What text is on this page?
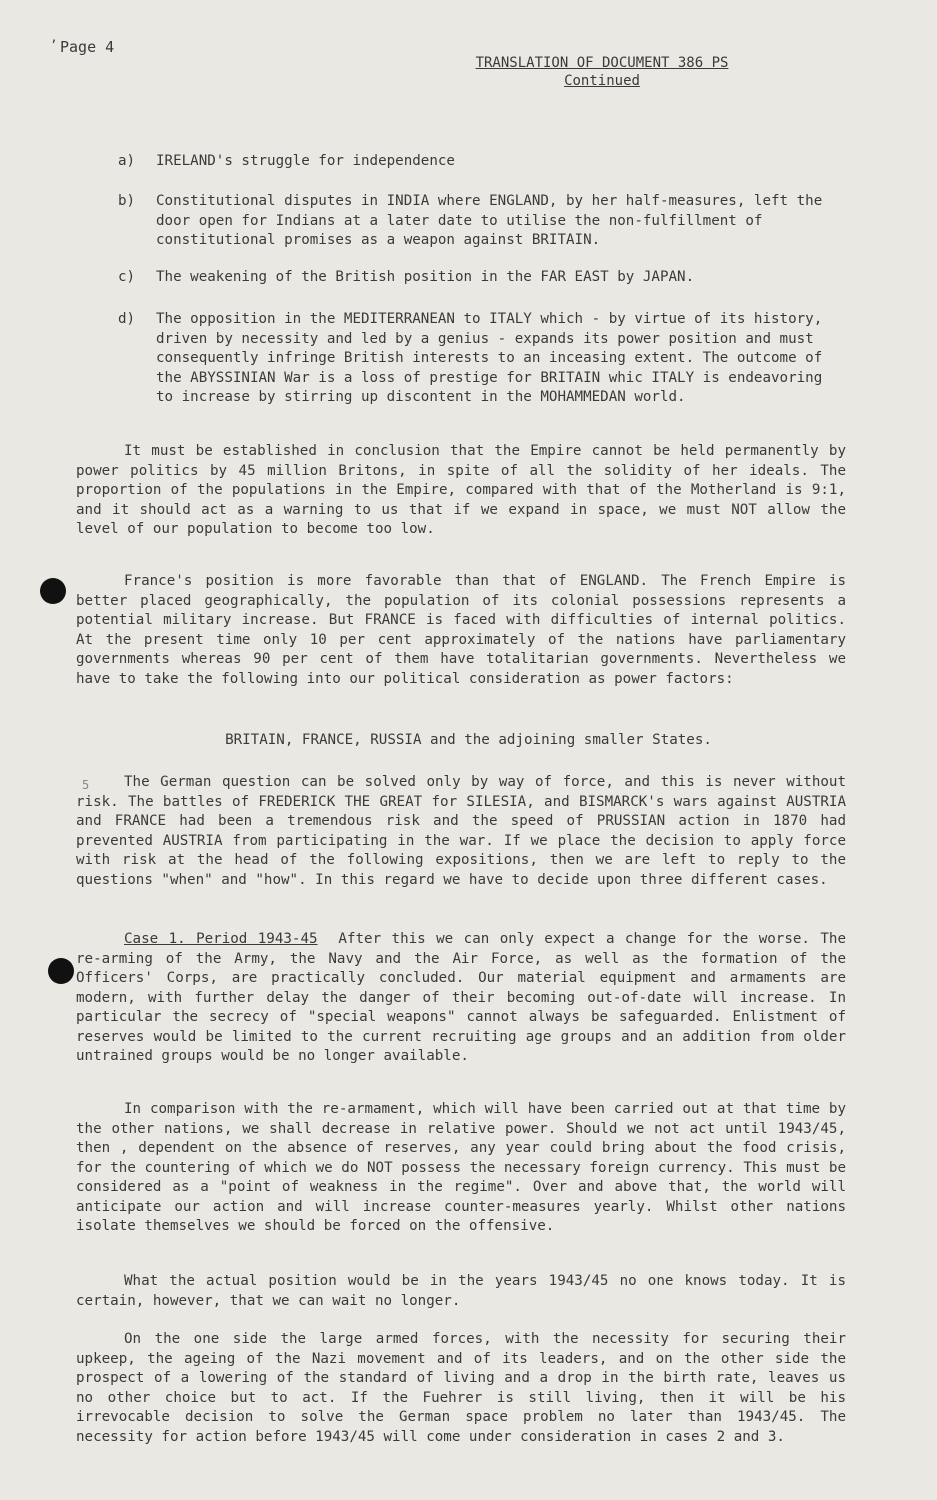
’ Page 4
TRANSLATION OF DOCUMENT 386 PS
Continued
a) IRELAND's struggle for independence
b) Constitutional disputes in INDIA where ENGLAND, by her half-measures, left the door open for Indians at a later date to utilise the non-fulfillment of constitutional promises as a weapon against BRITAIN.
c) The weakening of the British position in the FAR EAST by JAPAN.
d) The opposition in the MEDITERRANEAN to ITALY which - by virtue of its history, driven by necessity and led by a genius - expands its power position and must consequently infringe British interests to an inceasing extent. The outcome of the ABYSSINIAN War is a loss of prestige for BRITAIN whic ITALY is endeavoring to increase by stirring up discontent in the MOHAMMEDAN world.
It must be established in conclusion that the Empire cannot be held permanently by power politics by 45 million Britons, in spite of all the solidity of her ideals. The proportion of the populations in the Empire, compared with that of the Motherland is 9:1, and it should act as a warning to us that if we expand in space, we must NOT allow the level of our population to become too low.
France's position is more favorable than that of ENGLAND. The French Empire is better placed geographically, the population of its colonial possessions represents a potential military increase. But FRANCE is faced with difficulties of internal politics. At the present time only 10 per cent approximately of the nations have parliamentary governments whereas 90 per cent of them have totalitarian governments. Nevertheless we have to take the following into our political consideration as power factors:
BRITAIN, FRANCE, RUSSIA and the adjoining smaller States.
5	The German question can be solved only by way of force, and this is never without risk. The battles of FREDERICK THE GREAT for SILESIA, and BISMARCK's wars against AUSTRIA and FRANCE had been a tremendous risk and the speed of PRUSSIAN action in 1870 had prevented AUSTRIA from participating in the war. If we place the decision to apply force with risk at the head of the following expositions, then we are left to reply to the questions "when" and "how". In this regard we have to decide upon three different cases.
Case 1. Period 1943-45 After this we can only expect a change for the worse. The re-arming of the Army, the Navy and the Air Force, as well as the formation of the Officers' Corps, are practically concluded. Our material equipment and armaments are modern, with further delay the danger of their becoming out-of-date will increase. In particular the secrecy of "special weapons" cannot always be safeguarded. Enlistment of reserves would be limited to the current recruiting age groups and an addition from older untrained groups would be no longer available.
In comparison with the re-armament, which will have been carried out at that time by the other nations, we shall decrease in relative power. Should we not act until 1943/45, then , dependent on the absence of reserves, any year could bring about the food crisis, for the countering of which we do NOT possess the necessary foreign currency. This must be considered as a "point of weakness in the regime". Over and above that, the world will anticipate our action and will increase counter-measures yearly. Whilst other nations isolate themselves we should be forced on the offensive.
What the actual position would be in the years 1943/45 no one knows today. It is certain, however, that we can wait no longer.
On the one side the large armed forces, with the necessity for securing their upkeep, the ageing of the Nazi movement and of its leaders, and on the other side the prospect of a lowering of the standard of living and a drop in the birth rate, leaves us no other choice but to act. If the Fuehrer is still living, then it will be his irrevocable decision to solve the German space problem no later than 1943/45. The necessity for action before 1943/45 will come under consideration in cases 2 and 3.
